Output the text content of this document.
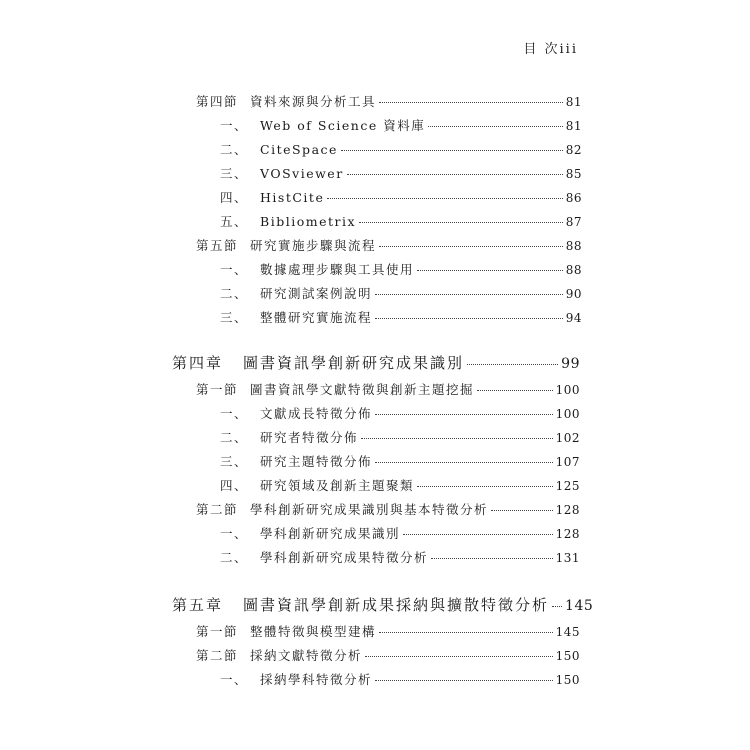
目 次iii
第四節 資料來源與分析工具	81
一、 Web of Science 資料庫	81
二、 CiteSpace	82
三、 VOSviewer	85
四、 HistCite	86
五、 Bibliometrix	87
第五節 研究實施步驟與流程	88
一、 數據處理步驟與工具使用	88
二、 研究測試案例說明	90
三、 整體研究實施流程	94
第四章 圖書資訊學創新研究成果識別	99
第一節 圖書資訊學文獻特徵與創新主題挖掘	100
一、 文獻成長特徵分佈	100
二、 研究者特徵分佈	102
三、 研究主題特徵分佈	107
四、 研究領域及創新主題聚類	125
第二節 學科創新研究成果識別與基本特徵分析	128
一、 學科創新研究成果識別	128
二、 學科創新研究成果特徵分析	131
第五章 圖書資訊學創新成果採納與擴散特徵分析 145
第一節 整體特徵與模型建構	145
第二節 採納文獻特徵分析	150
一、 採納學科特徵分析	150
